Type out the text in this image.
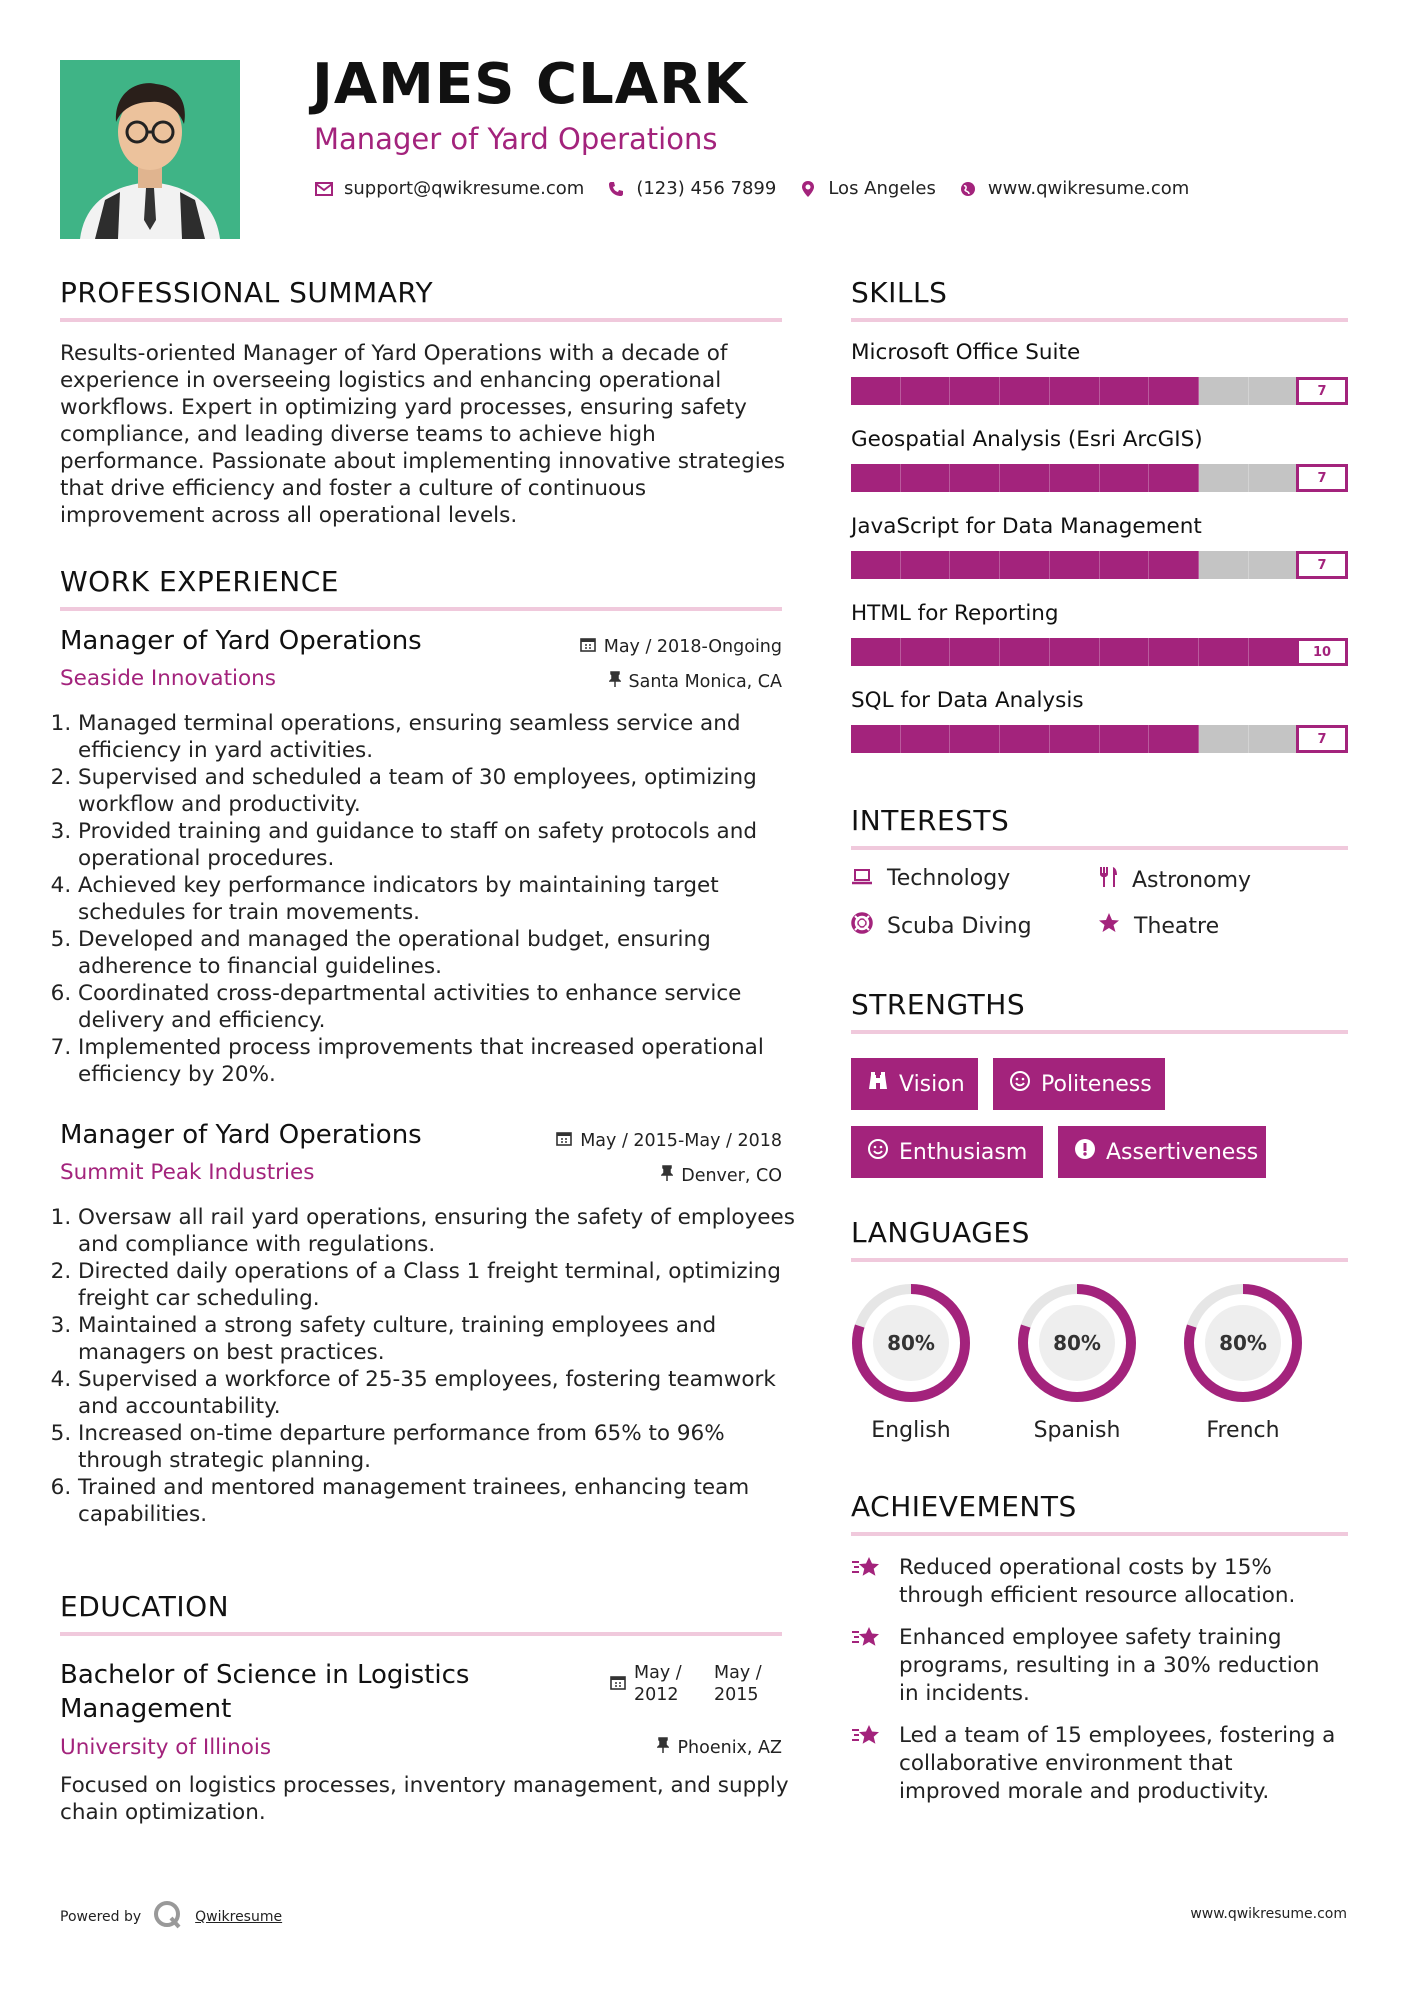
JAMES CLARK
Manager of Yard Operations
support@qwikresume.com	(123) 456 7899	Los Angeles	www.qwikresume.com
PROFESSIONAL SUMMARY
Results-oriented Manager of Yard Operations with a decade of experience in overseeing logistics and enhancing operational workflows. Expert in optimizing yard processes, ensuring safety compliance, and leading diverse teams to achieve high performance. Passionate about implementing innovative strategies that drive efficiency and foster a culture of continuous improvement across all operational levels.
WORK EXPERIENCE
Manager of Yard Operations	May / 2018-Ongoing
Seaside Innovations	Santa Monica, CA
1. Managed terminal operations, ensuring seamless service and efficiency in yard activities.
2. Supervised and scheduled a team of 30 employees, optimizing workflow and productivity.
3. Provided training and guidance to staff on safety protocols and operational procedures.
4. Achieved key performance indicators by maintaining target schedules for train movements.
5. Developed and managed the operational budget, ensuring adherence to financial guidelines.
6. Coordinated cross-departmental activities to enhance service delivery and efficiency.
7. Implemented process improvements that increased operational efficiency by 20%.
Manager of Yard Operations	May / 2015-May / 2018
Summit Peak Industries	Denver, CO
1. Oversaw all rail yard operations, ensuring the safety of employees and compliance with regulations.
2. Directed daily operations of a Class 1 freight terminal, optimizing freight car scheduling.
3. Maintained a strong safety culture, training employees and managers on best practices.
4. Supervised a workforce of 25-35 employees, fostering teamwork and accountability.
5. Increased on-time departure performance from 65% to 96% through strategic planning.
6. Trained and mentored management trainees, enhancing team capabilities.
EDUCATION
Bachelor of Science in Logistics Management
May / 2012
May / 2015
University of Illinois	Phoenix, AZ
Focused on logistics processes, inventory management, and supply chain optimization.
SKILLS
Microsoft Office Suite
7
Geospatial Analysis (Esri ArcGIS)
7
JavaScript for Data Management
7
HTML for Reporting
10
SQL for Data Analysis
7
INTERESTS
Technology	Astronomy
Scuba Diving	Theatre
STRENGTHS
Vision	Politeness
Enthusiasm	Assertiveness
LANGUAGES
80%
English
80%
Spanish
80%
French
ACHIEVEMENTS
Reduced operational costs by 15% through efficient resource allocation.
Enhanced employee safety training programs, resulting in a 30% reduction in incidents.
Led a team of 15 employees, fostering a collaborative environment that improved morale and productivity.
Powered by	Qwikresume	www.qwikresume.com
